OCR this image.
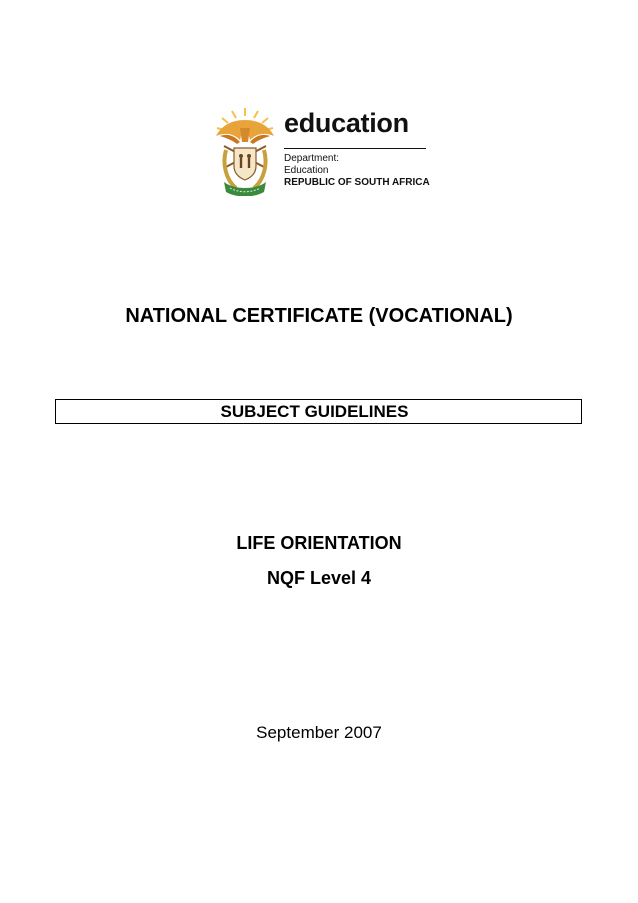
education
Department:
Education
REPUBLIC OF SOUTH AFRICA
NATIONAL CERTIFICATE (VOCATIONAL)
SUBJECT GUIDELINES
LIFE ORIENTATION
NQF Level 4
September 2007
